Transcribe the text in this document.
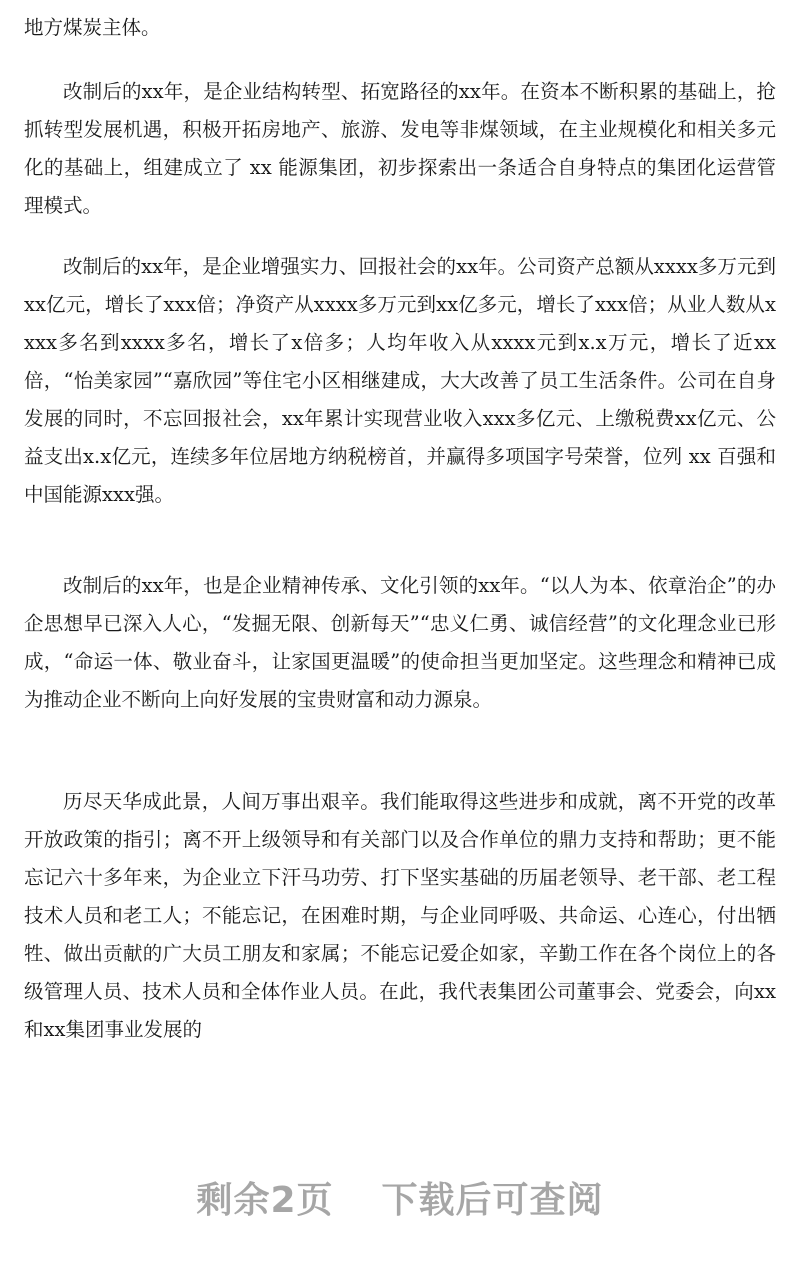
地方煤炭主体。

改制后的xx年，是企业结构转型、拓宽路径的xx年。在资本不断积累的基础上，抢抓转型发展机遇，积极开拓房地产、旅游、发电等非煤领域，在主业规模化和相关多元化的基础上，组建成立了 xx 能源集团，初步探索出一条适合自身特点的集团化运营管理模式。

改制后的xx年，是企业增强实力、回报社会的xx年。公司资产总额从xxxx多万元到xx亿元，增长了xxx倍；净资产从xxxx多万元到xx亿多元，增长了xxx倍；从业人数从xxxx多名到xxxx多名，增长了x倍多；人均年收入从xxxx元到x.x万元，增长了近xx倍，“怡美家园”“嘉欣园”等住宅小区相继建成，大大改善了员工生活条件。公司在自身发展的同时，不忘回报社会，xx年累计实现营业收入xxx多亿元、上缴税费xx亿元、公益支出x.x亿元，连续多年位居地方纳税榜首，并赢得多项国字号荣誉，位列 xx 百强和中国能源xxx强。

改制后的xx年，也是企业精神传承、文化引领的xx年。“以人为本、依章治企”的办企思想早已深入人心，“发掘无限、创新每天”“忠义仁勇、诚信经营”的文化理念业已形成，“命运一体、敬业奋斗，让家国更温暖”的使命担当更加坚定。这些理念和精神已成为推动企业不断向上向好发展的宝贵财富和动力源泉。

历尽天华成此景，人间万事出艰辛。我们能取得这些进步和成就，离不开党的改革开放政策的指引；离不开上级领导和有关部门以及合作单位的鼎力支持和帮助；更不能忘记六十多年来，为企业立下汗马功劳、打下坚实基础的历届老领导、老干部、老工程技术人员和老工人；不能忘记，在困难时期，与企业同呼吸、共命运、心连心，付出牺牲、做出贡献的广大员工朋友和家属；不能忘记爱企如家，辛勤工作在各个岗位上的各级管理人员、技术人员和全体作业人员。在此，我代表集团公司董事会、党委会，向xx和xx集团事业发展的

剩余2页 下载后可查阅
